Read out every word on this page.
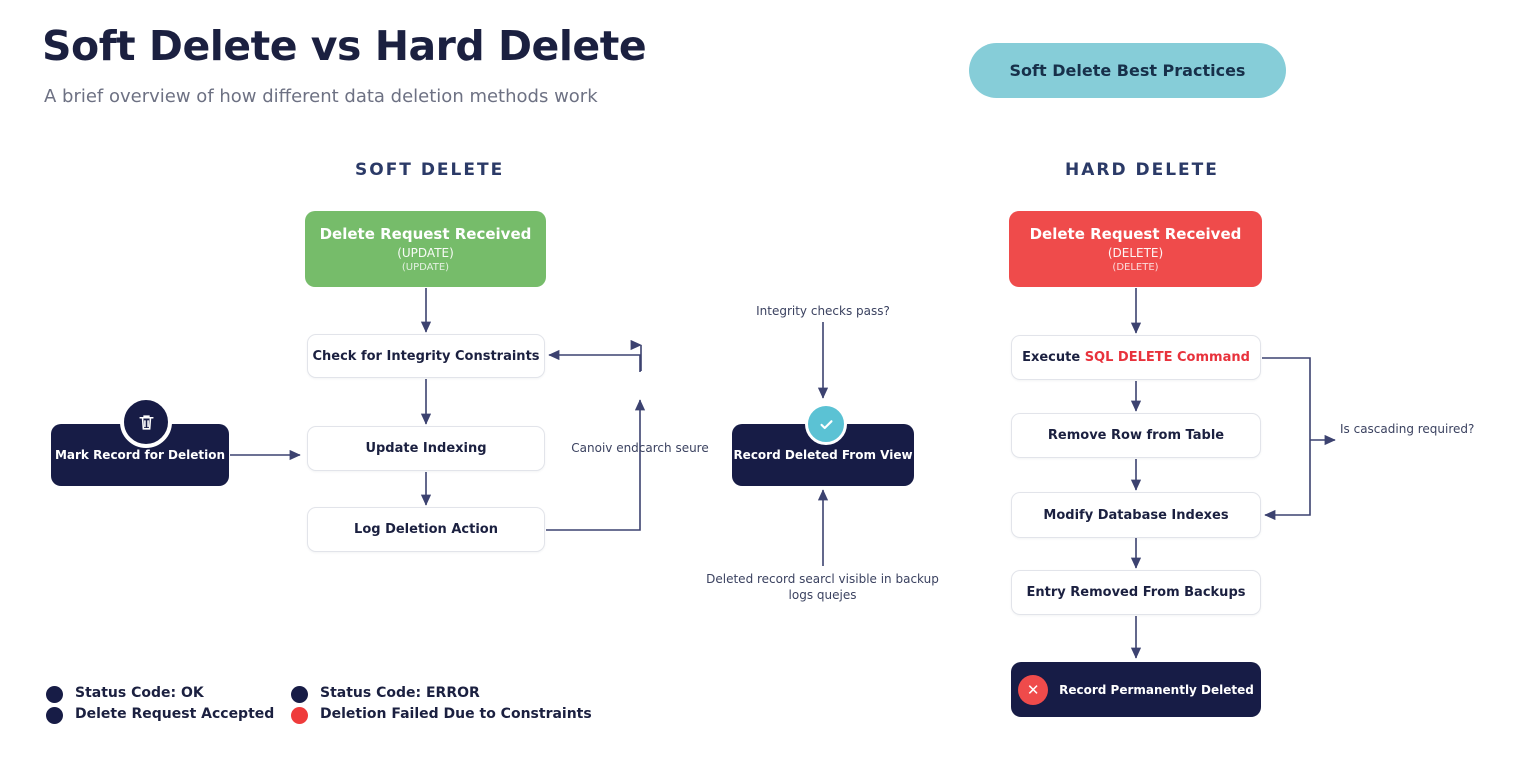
Soft Delete vs Hard Delete
A brief overview of how different data deletion methods work
Soft Delete Best Practices
SOFT DELETE	HARD DELETE
Delete Request Received
(UPDATE)
(UPDATE)
Check for Integrity Constraints
Update Indexing
Log Deletion Action
Mark Record for Deletion	Canoiv endcarch seure
Integrity checks pass?
Record Deleted From View
Deleted record searcl visible in backup logs quejes
Delete Request Received
(DELETE)
(DELETE)
Execute SQL DELETE Command
Remove Row from Table
Modify Database Indexes
Entry Removed From Backups
✕	Record Permanently Deleted
Is cascading required?
Status Code: OK
Delete Request Accepted
Status Code: ERROR
Deletion Failed Due to Constraints
